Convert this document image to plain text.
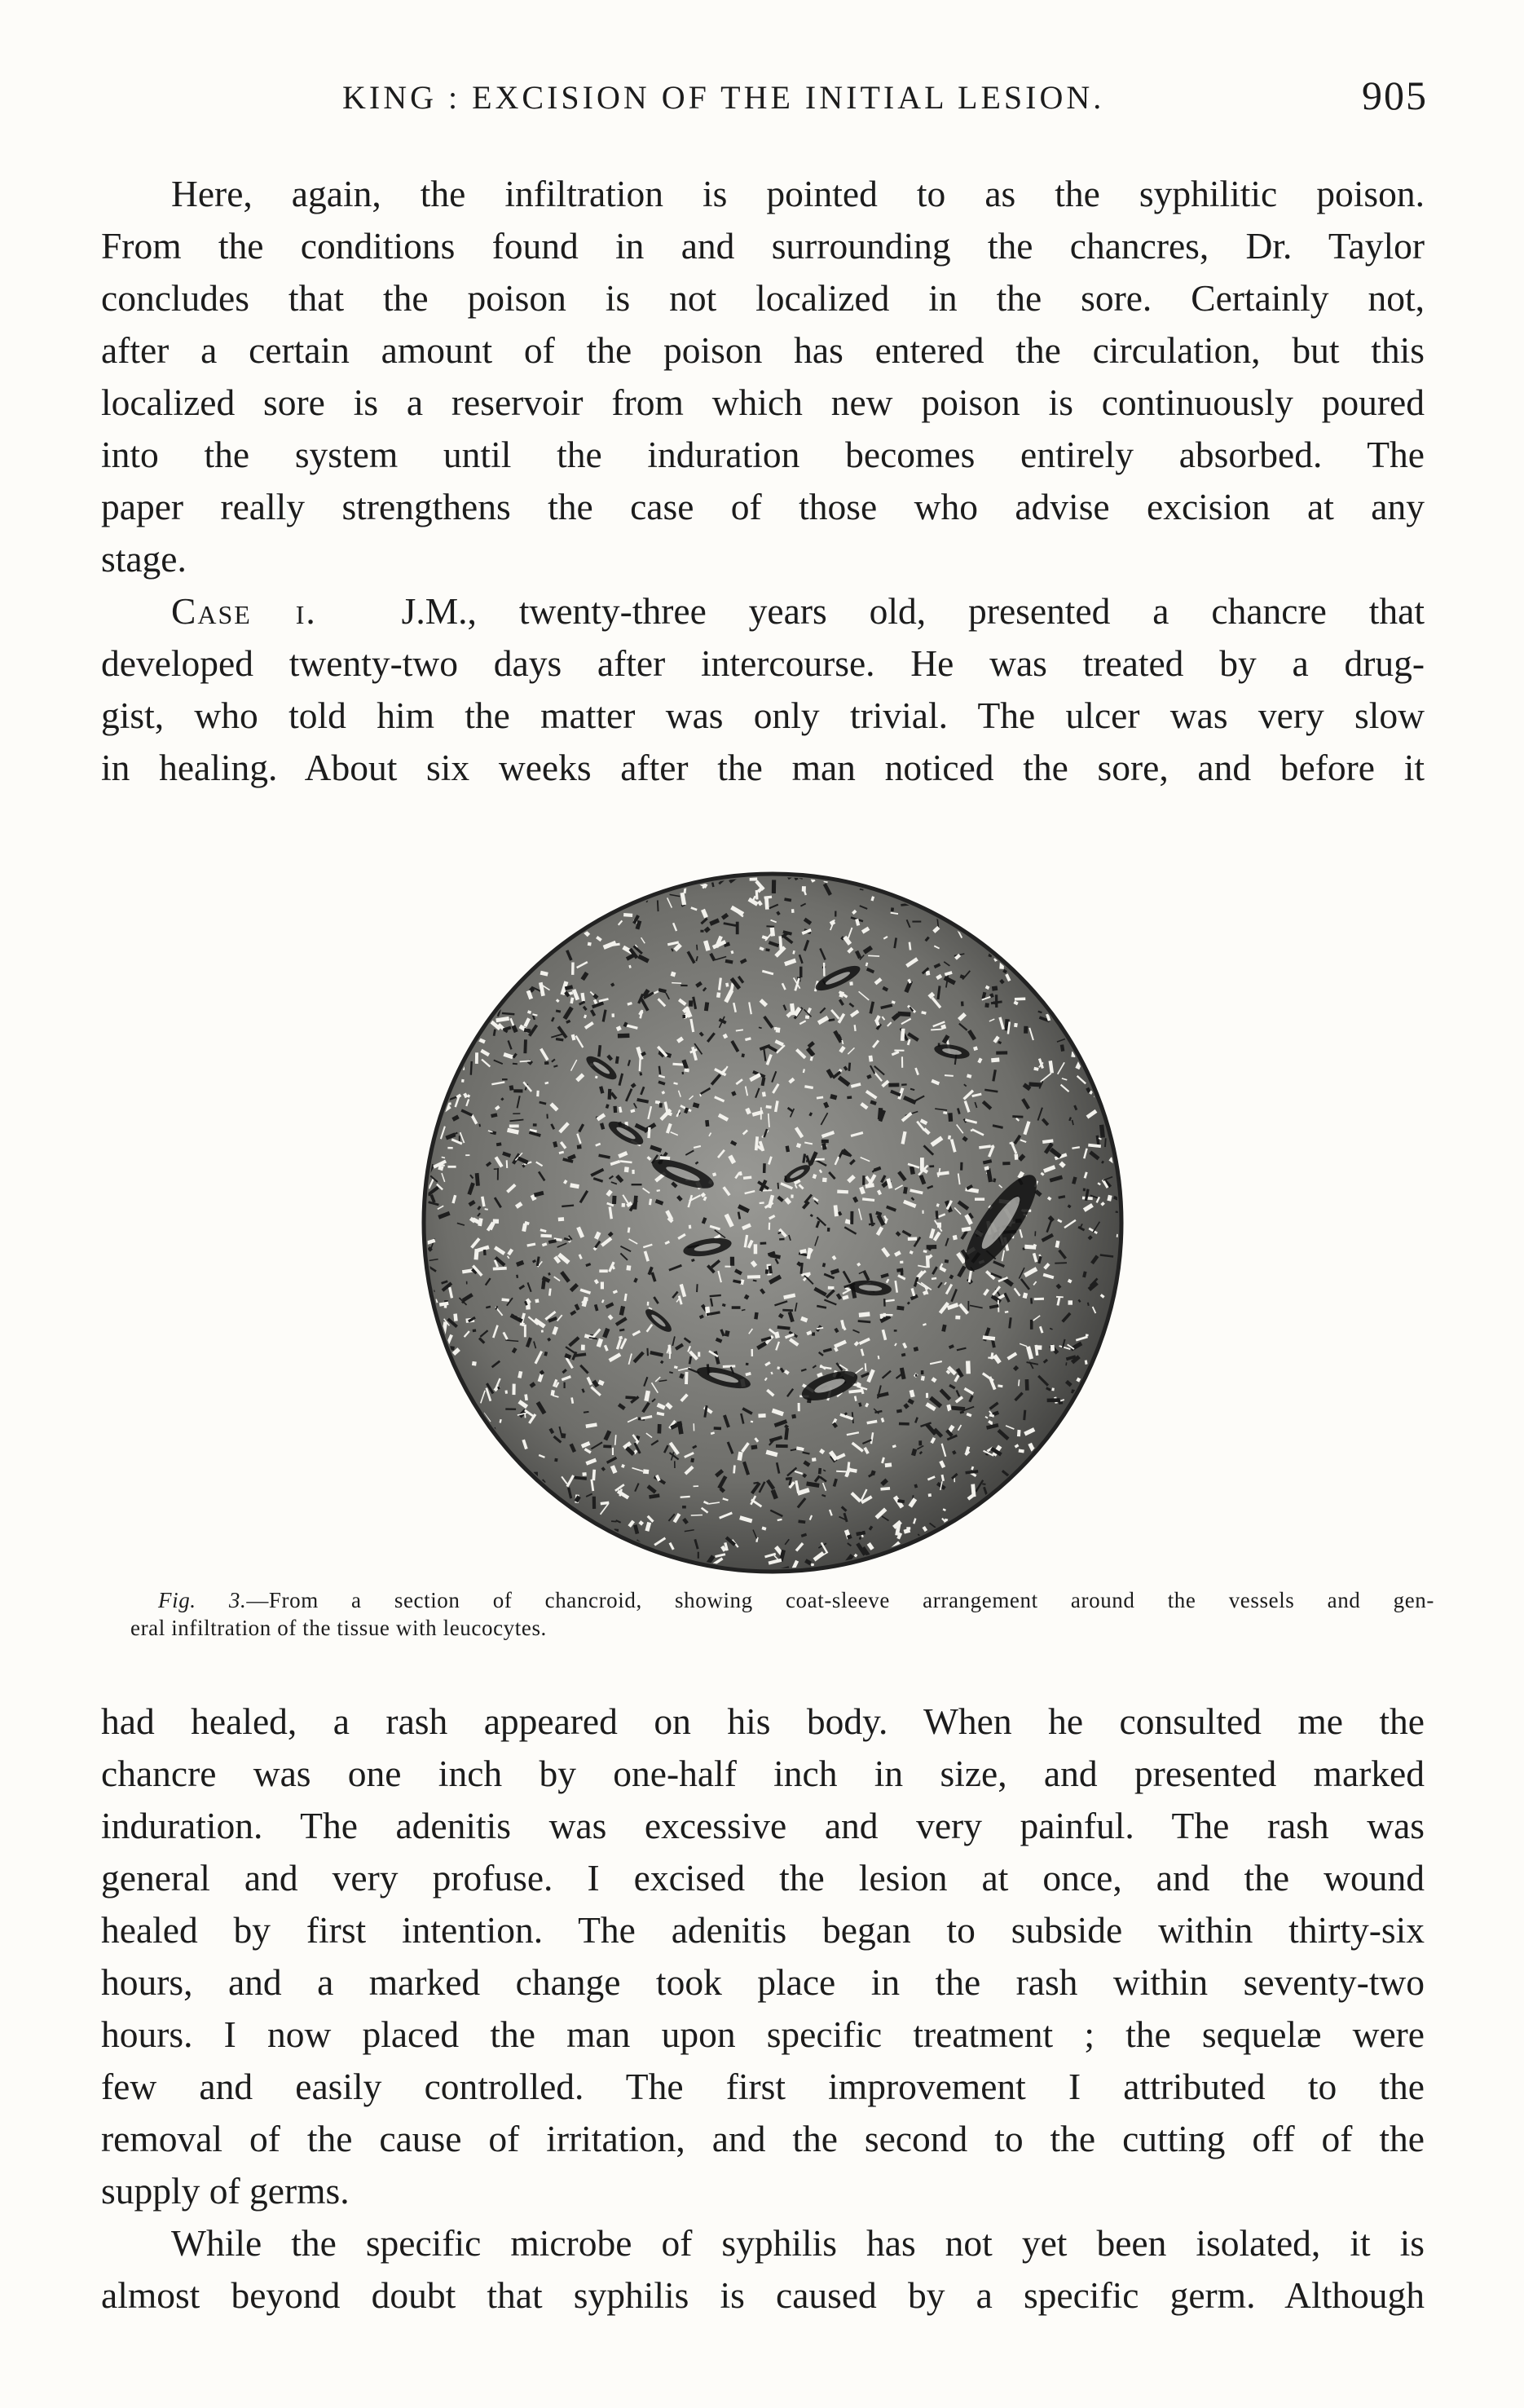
KING : EXCISION OF THE INITIAL LESION.	905
Here, again, the infiltration is pointed to as the syphilitic poison.
From the conditions found in and surrounding the chancres, Dr. Taylor
concludes that the poison is not localized in the sore. Certainly not,
after a certain amount of the poison has entered the circulation, but this
localized sore is a reservoir from which new poison is continuously poured
into the system until the induration becomes entirely absorbed. The
paper really strengthens the case of those who advise excision at any
stage.
Case i. J.M., twenty-three years old, presented a chancre that
developed twenty-two days after intercourse. He was treated by a drug-
gist, who told him the matter was only trivial. The ulcer was very slow
in healing. About six weeks after the man noticed the sore, and before it
Fig. 3.—From a section of chancroid, showing coat-sleeve arrangement around the vessels and gen-
eral infiltration of the tissue with leucocytes.
had healed, a rash appeared on his body. When he consulted me the
chancre was one inch by one-half inch in size, and presented marked
induration. The adenitis was excessive and very painful. The rash was
general and very profuse. I excised the lesion at once, and the wound
healed by first intention. The adenitis began to subside within thirty-six
hours, and a marked change took place in the rash within seventy-two
hours. I now placed the man upon specific treatment ; the sequelæ were
few and easily controlled. The first improvement I attributed to the
removal of the cause of irritation, and the second to the cutting off of the
supply of germs.
While the specific microbe of syphilis has not yet been isolated, it is
almost beyond doubt that syphilis is caused by a specific germ. Although
